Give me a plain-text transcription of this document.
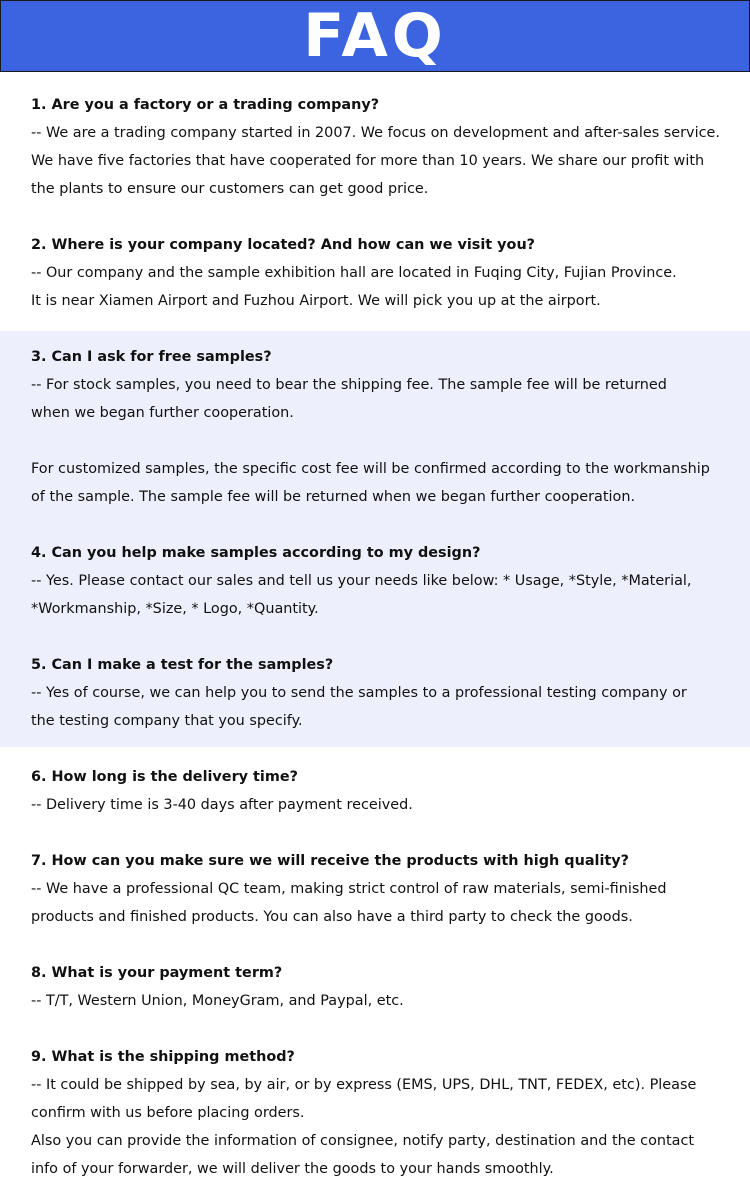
FAQ

1. Are you a factory or a trading company?

-- We are a trading company started in 2007. We focus on development and after-sales service.

We have five factories that have cooperated for more than 10 years. We share our profit with

the plants to ensure our customers can get good price.

2. Where is your company located? And how can we visit you?

-- Our company and the sample exhibition hall are located in Fuqing City, Fujian Province.

It is near Xiamen Airport and Fuzhou Airport. We will pick you up at the airport.

3. Can I ask for free samples?

-- For stock samples, you need to bear the shipping fee. The sample fee will be returned

when we began further cooperation.

For customized samples, the specific cost fee will be confirmed according to the workmanship

of the sample. The sample fee will be returned when we began further cooperation.

4. Can you help make samples according to my design?

-- Yes. Please contact our sales and tell us your needs like below: * Usage, *Style, *Material,

*Workmanship, *Size, * Logo, *Quantity.

5. Can I make a test for the samples?

-- Yes of course, we can help you to send the samples to a professional testing company or

the testing company that you specify.

6. How long is the delivery time?

-- Delivery time is 3-40 days after payment received.

7. How can you make sure we will receive the products with high quality?

-- We have a professional QC team, making strict control of raw materials, semi-finished

products and finished products. You can also have a third party to check the goods.

8. What is your payment term?

-- T/T, Western Union, MoneyGram, and Paypal, etc.

9. What is the shipping method?

-- It could be shipped by sea, by air, or by express (EMS, UPS, DHL, TNT, FEDEX, etc). Please

confirm with us before placing orders.

Also you can provide the information of consignee, notify party, destination and the contact

info of your forwarder, we will deliver the goods to your hands smoothly.
